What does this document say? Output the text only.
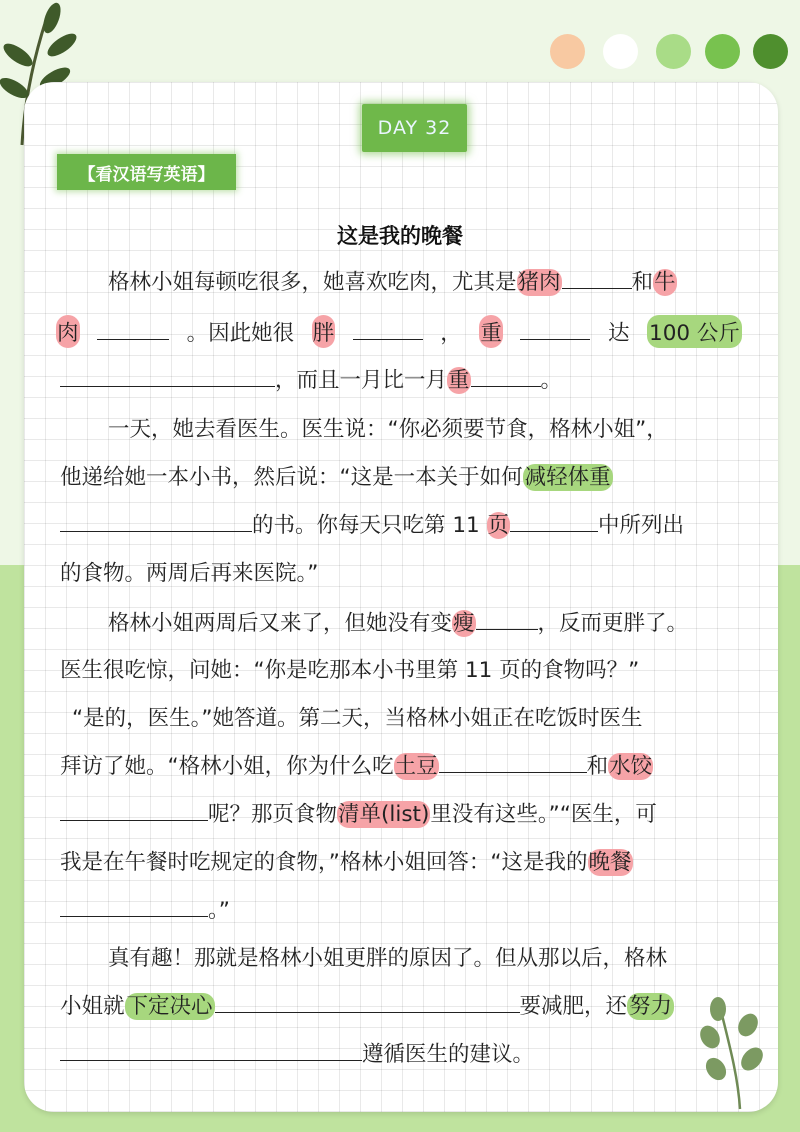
DAY 32
【看汉语写英语】
这是我的晚餐
格林小姐每顿吃很多，她喜欢吃肉，尤其是猪肉	和牛
肉	。因此她很 胖	， 重	达 100 公斤
，而且一月比一月重	。
一天，她去看医生。医生说：“你必须要节食，格林小姐”，
他递给她一本小书，然后说：“这是一本关于如何减轻体重
的书。你每天只吃第 11 页	中所列出
的食物。两周后再来医院。”
格林小姐两周后又来了，但她没有变瘦	，反而更胖了。
医生很吃惊，问她：“你是吃那本小书里第 11 页的食物吗？”
“是的，医生。”她答道。第二天，当格林小姐正在吃饭时医生
拜访了她。“格林小姐，你为什么吃土豆	和水饺
呢？那页食物清单(list)里没有这些。”“医生，可
我是在午餐时吃规定的食物，”格林小姐回答：“这是我的晚餐
。”
真有趣！那就是格林小姐更胖的原因了。但从那以后，格林
小姐就下定决心	要减肥，还努力
遵循医生的建议。
